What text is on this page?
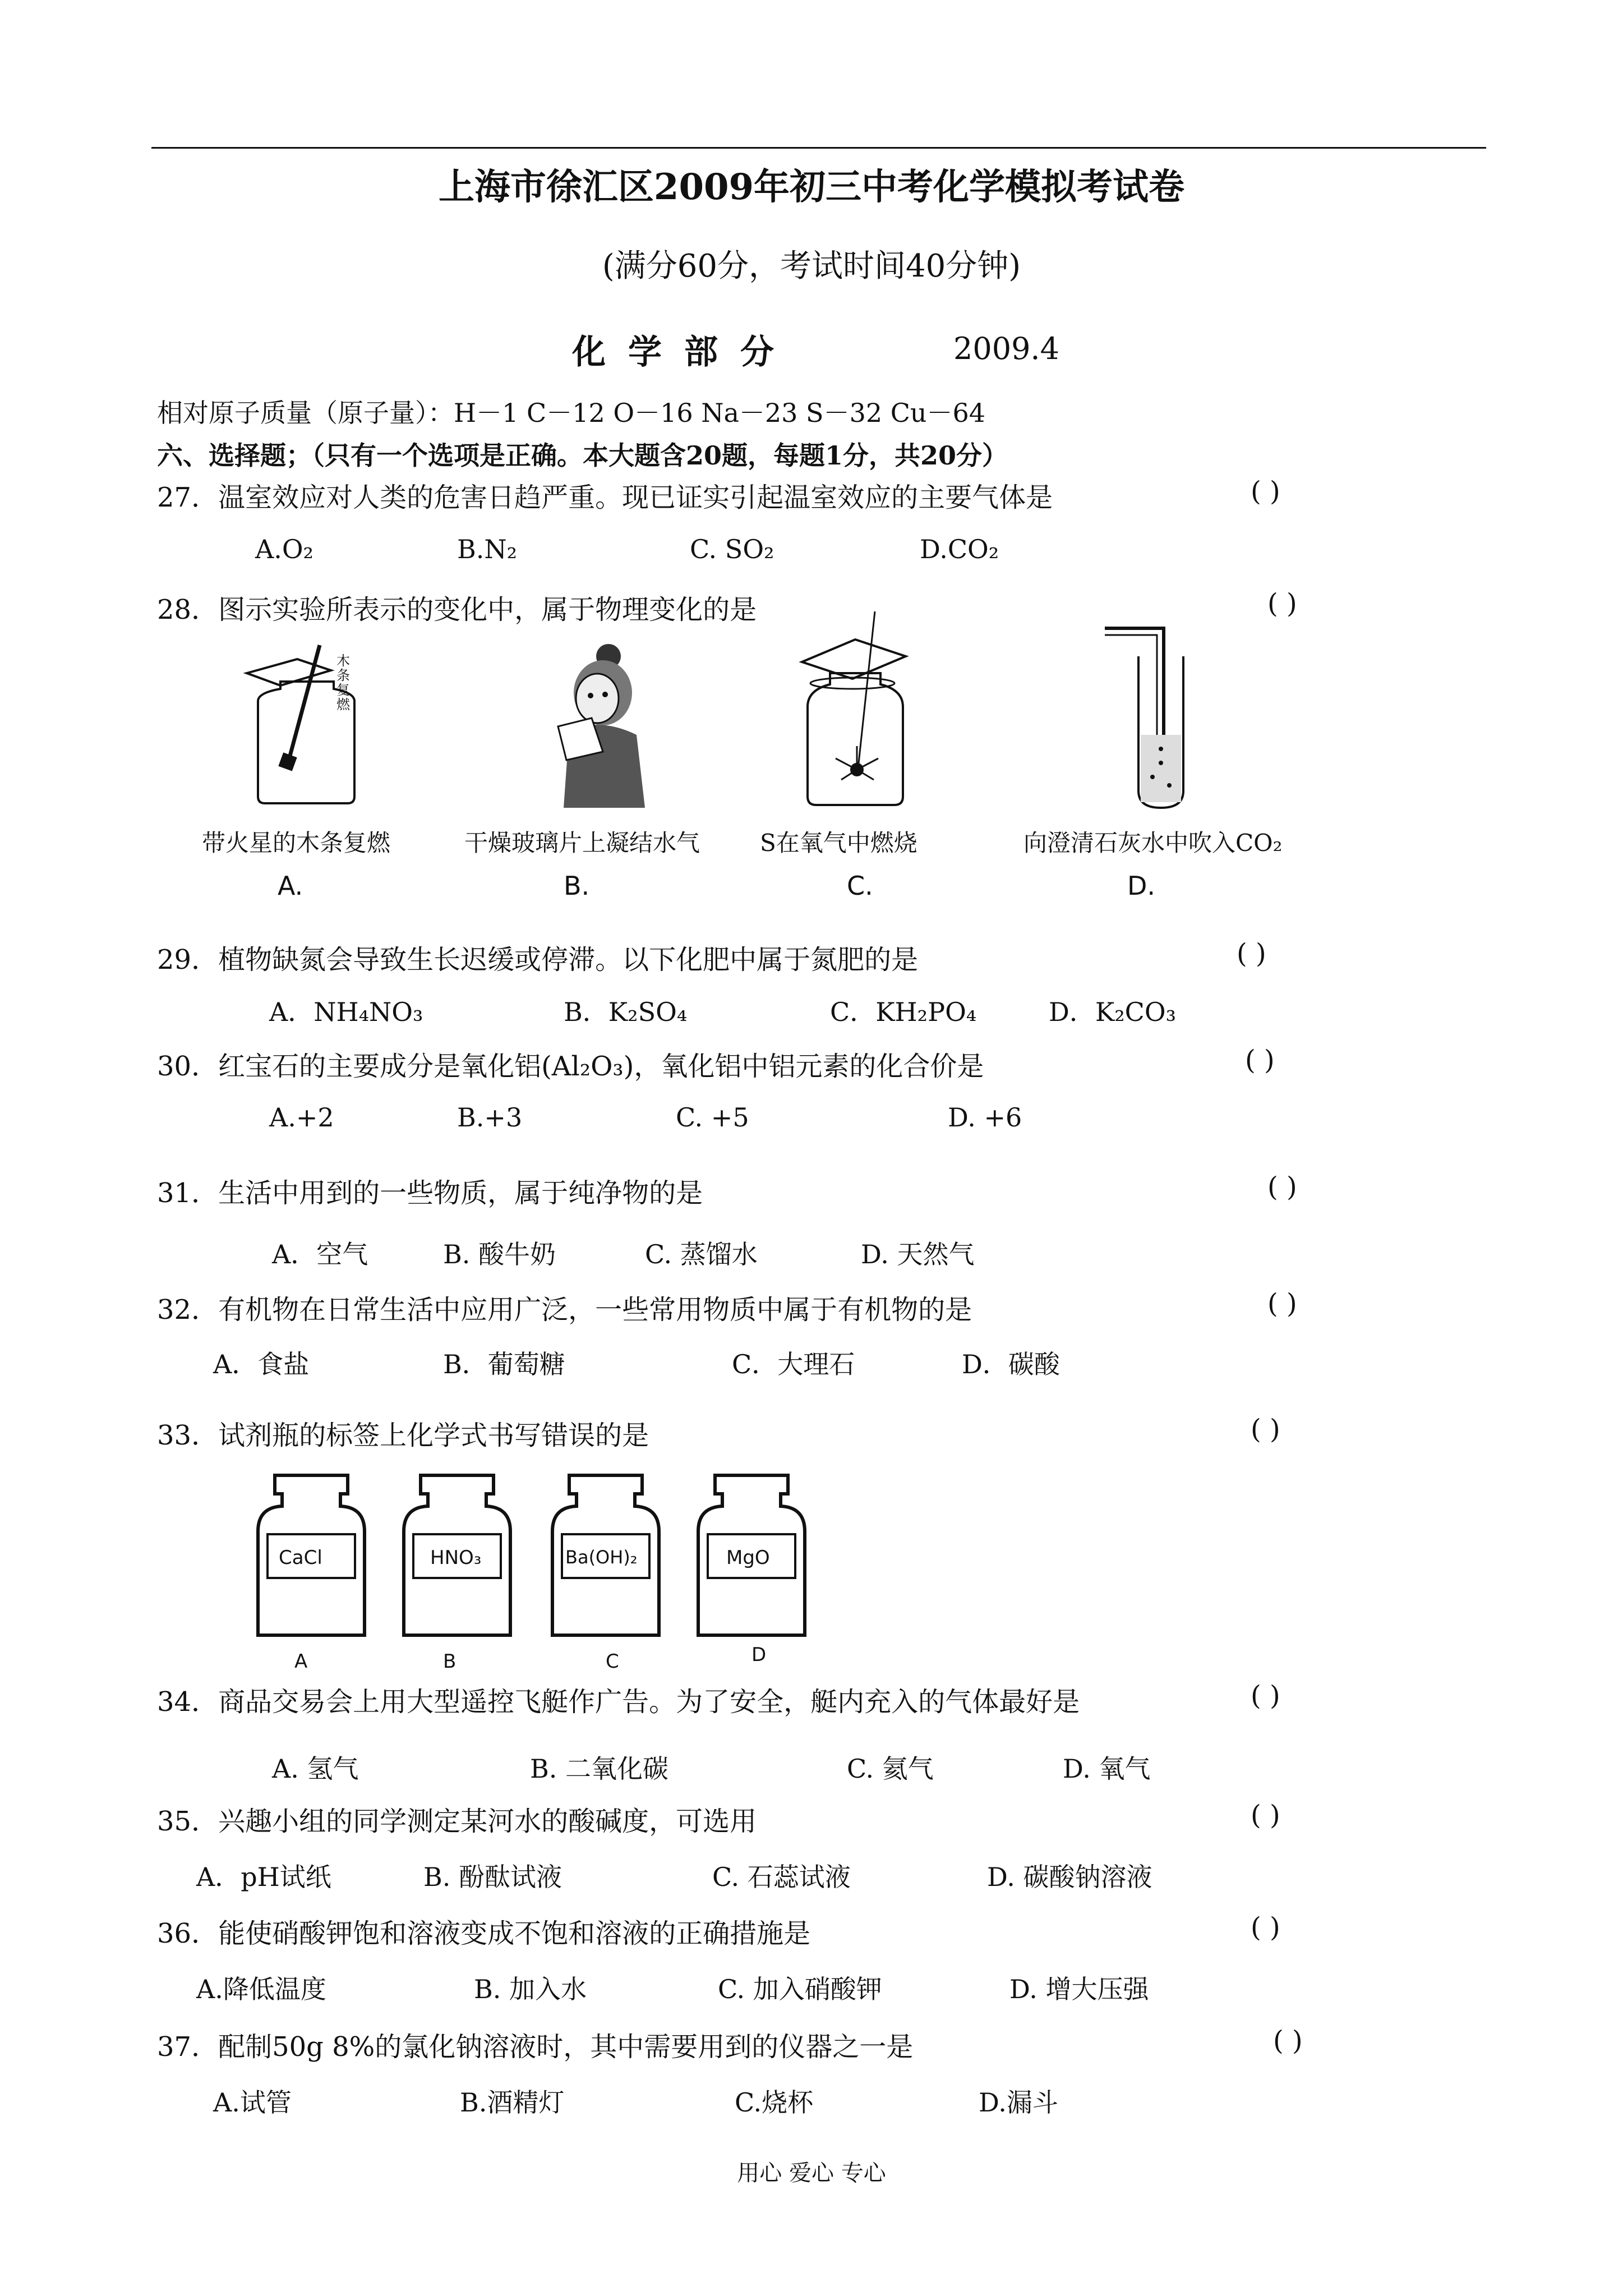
上海市徐汇区2009年初三中考化学模拟考试卷
(满分60分，考试时间40分钟)
化学部分	2009.4
相对原子质量（原子量）：H－1 C－12 O－16 Na－23 S－32 Cu－64
六、选择题；（只有一个选项是正确。本大题含20题，每题1分，共20分）
27．温室效应对人类的危害日趋严重。现已证实引起温室效应的主要气体是	( )
A.O₂	B.N₂	C. SO₂	D.CO₂
28．图示实验所表示的变化中，属于物理变化的是	( )
木条复燃
带火星的木条复燃	干燥玻璃片上凝结水气	S在氧气中燃烧	向澄清石灰水中吹入CO₂
A.	B.	C.	D.
29．植物缺氮会导致生长迟缓或停滞。以下化肥中属于氮肥的是	( )
A．NH₄NO₃	B．K₂SO₄	C．KH₂PO₄	D．K₂CO₃
30．红宝石的主要成分是氧化铝(Al₂O₃)，氧化铝中铝元素的化合价是	( )
A.+2	B.+3	C. +5	D. +6
31．生活中用到的一些物质，属于纯净物的是	( )
A．空气	B. 酸牛奶	C. 蒸馏水	D. 天然气
32．有机物在日常生活中应用广泛，一些常用物质中属于有机物的是	( )
A．食盐	B．葡萄糖	C．大理石	D．碳酸
33．试剂瓶的标签上化学式书写错误的是	( )
CaCl	HNO₃	Ba(OH)₂	MgO
A	B	C	D
34．商品交易会上用大型遥控飞艇作广告。为了安全，艇内充入的气体最好是	( )
A. 氢气	B. 二氧化碳	C. 氦气	D. 氧气
35．兴趣小组的同学测定某河水的酸碱度，可选用	( )
A．pH试纸	B. 酚酞试液	C. 石蕊试液	D. 碳酸钠溶液
36．能使硝酸钾饱和溶液变成不饱和溶液的正确措施是	( )
A.降低温度	B. 加入水	C. 加入硝酸钾	D. 增大压强
37．配制50g 8%的氯化钠溶液时，其中需要用到的仪器之一是	( )
A.试管	B.酒精灯	C.烧杯	D.漏斗
用心 爱心 专心
